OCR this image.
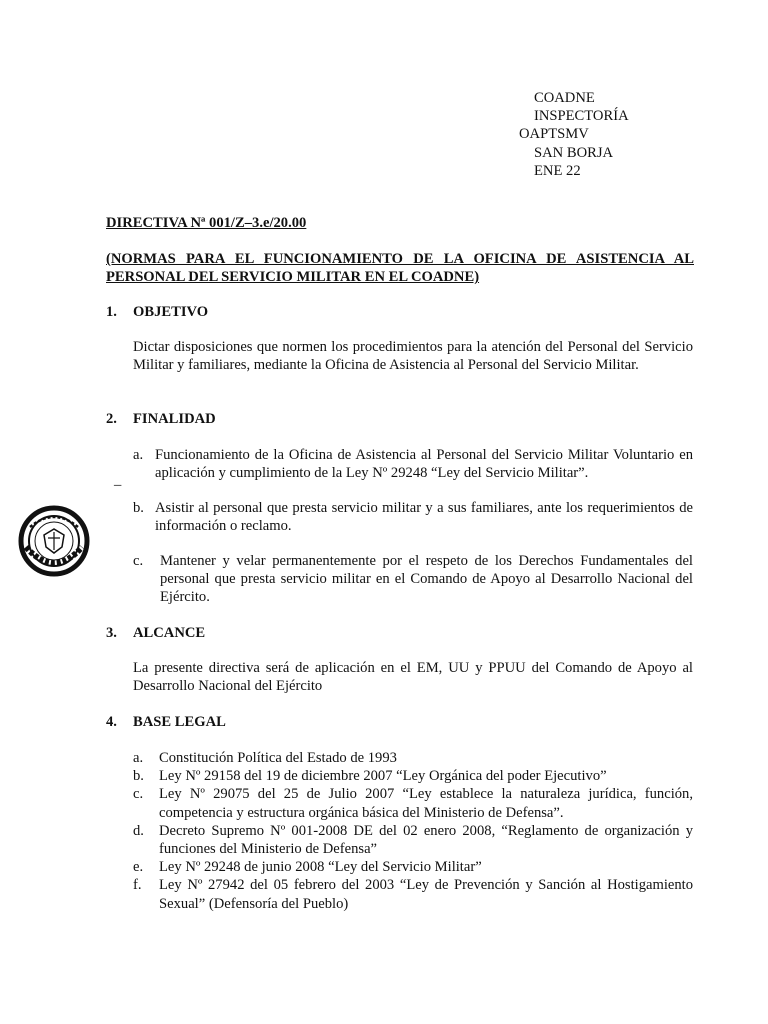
COADNE
INSPECTORÍA
OAPTSMV
SAN BORJA
ENE 22
DIRECTIVA Nª 001/Z–3.e/20.00
(NORMAS PARA EL FUNCIONAMIENTO DE LA OFICINA DE ASISTENCIA AL PERSONAL DEL SERVICIO MILITAR EN EL COADNE)
1. OBJETIVO
Dictar disposiciones que normen los procedimientos para la atención del Personal del Servicio Militar y familiares, mediante la Oficina de Asistencia al Personal del Servicio Militar.
2. FINALIDAD
a. Funcionamiento de la Oficina de Asistencia al Personal del Servicio Militar Voluntario en aplicación y cumplimiento de la Ley Nº 29248 “Ley del Servicio Militar”.
_
b. Asistir al personal que presta servicio militar y a sus familiares, ante los requerimientos de información o reclamo.
c. Mantener y velar permanentemente por el respeto de los Derechos Fundamentales del personal que presta servicio militar en el Comando de Apoyo al Desarrollo Nacional del Ejército.
3. ALCANCE
La presente directiva será de aplicación en el EM, UU y PPUU del Comando de Apoyo al Desarrollo Nacional del Ejército
4. BASE LEGAL
a. Constitución Política del Estado de 1993
b. Ley Nº 29158 del 19 de diciembre 2007 “Ley Orgánica del poder Ejecutivo”
c. Ley Nº 29075 del 25 de Julio 2007 “Ley establece la naturaleza jurídica, función, competencia y estructura orgánica básica del Ministerio de Defensa”.
d. Decreto Supremo Nº 001-2008 DE del 02 enero 2008, “Reglamento de organización y funciones del Ministerio de Defensa”
e. Ley Nº 29248 de junio 2008 “Ley del Servicio Militar”
f. Ley Nº 27942 del 05 febrero del 2003 “Ley de Prevención y Sanción al Hostigamiento Sexual” (Defensoría del Pueblo)
